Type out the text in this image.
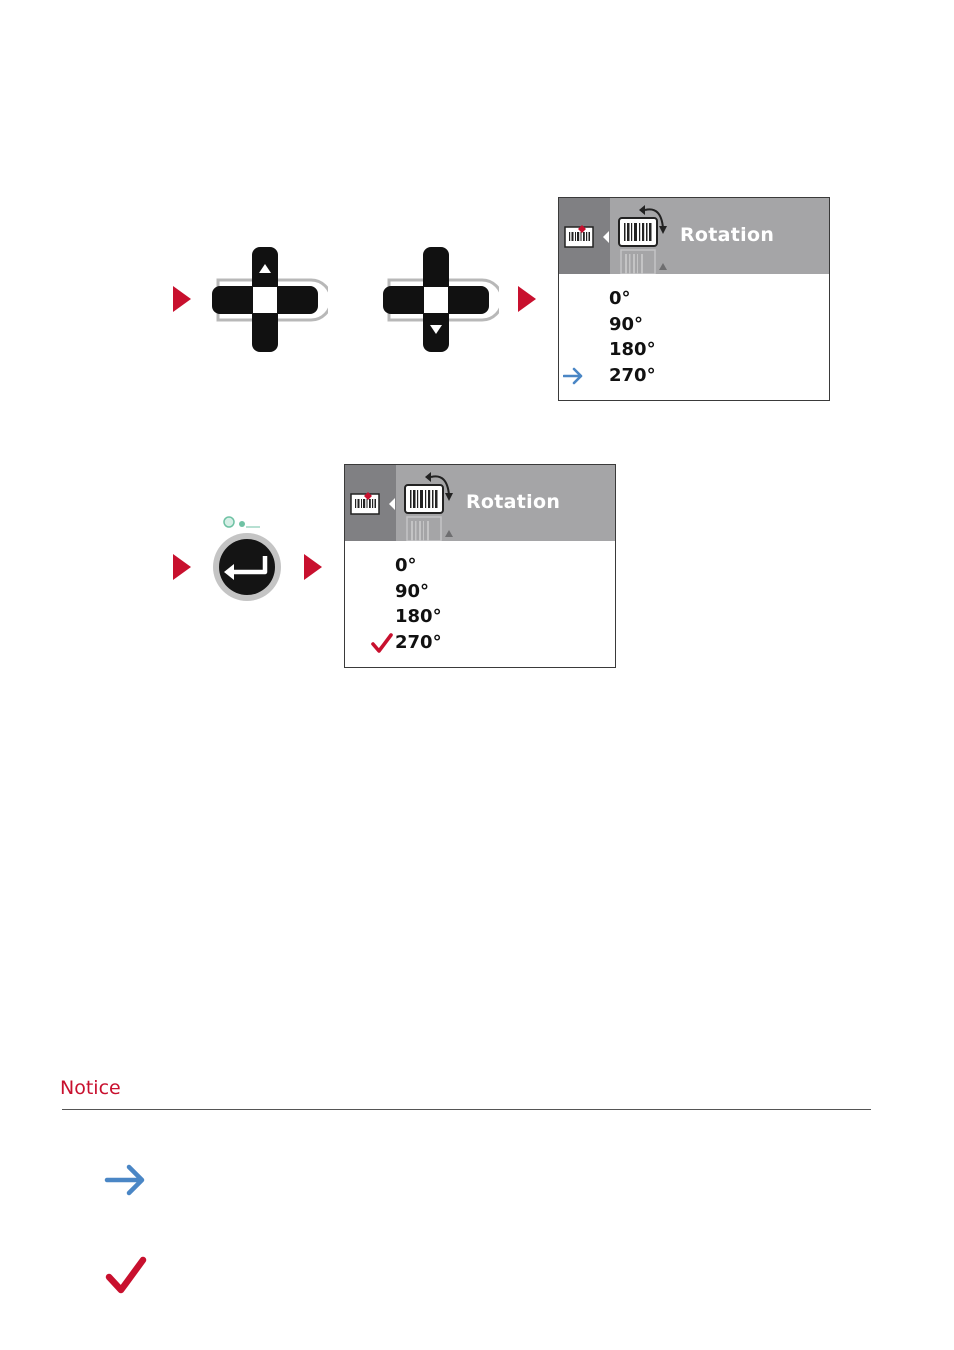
Rotation
0°
90°
180°
270°
Rotation
0°
90°
180°
270°
Notice
